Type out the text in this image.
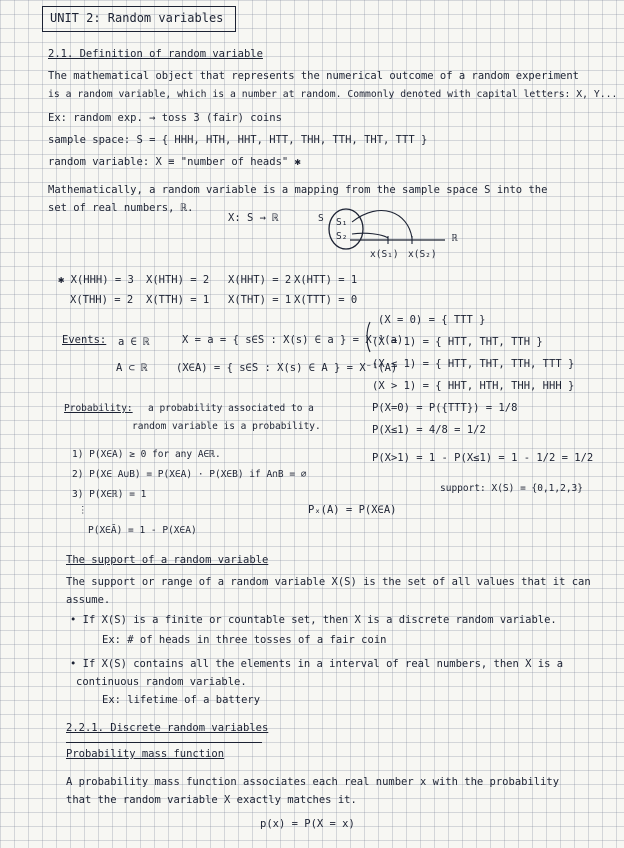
UNIT 2: Random variables
2.1. Definition of random variable
The mathematical object that represents the numerical outcome of a random experiment
is a random variable, which is a number at random. Commonly denoted with capital letters: X, Y...
Ex: random exp. → toss 3 (fair) coins
sample space: S = { HHH, HTH, HHT, HTT, THH, TTH, THT, TTT }
random variable: X ≡ "number of heads" ✱
Mathematically, a random variable is a mapping from the sample space S into the
set of real numbers, ℝ.
X: S → ℝ	S S₁
S₂	ℝ
x(S₁) x(S₂)
✱ X(HHH) = 3 X(HTH) = 2 X(HHT) = 2 X(HTT) = 1
X(THH) = 2 X(TTH) = 1 X(THT) = 1 X(TTT) = 0
Events: a ∈ ℝ	X = a = { s∈S : X(s) ∈ a } = X⁻¹(a)
A ⊂ ℝ	(X∈A) = { s∈S : X(s) ∈ A } = X⁻¹(A)
(X = 0) = { TTT }
(X = 1) = { HTT, THT, TTH }
(X ≤ 1) = { HTT, THT, TTH, TTT }
(X > 1) = { HHT, HTH, THH, HHH }
P(X=0) = P({TTT}) = 1/8
P(X≤1) = 4/8 = 1/2
P(X>1) = 1 - P(X≤1) = 1 - 1/2 = 1/2
support: X(S) = {0,1,2,3}
Probability: a probability associated to a
random variable is a probability.
1) P(X∈A) ≥ 0 for any A∈ℝ.
2) P(X∈ A∪B) = P(X∈A) · P(X∈B) if A∩B = ∅
3) P(X∈ℝ) = 1
⋮
P(X∈Ā) = 1 - P(X∈A)
Pₓ(A) = P(X∈A)
The support of a random variable
The support or range of a random variable X(S) is the set of all values that it can
assume.
• If X(S) is a finite or countable set, then X is a discrete random variable.
Ex: # of heads in three tosses of a fair coin
• If X(S) contains all the elements in a interval of real numbers, then X is a
continuous random variable.
Ex: lifetime of a battery
2.2.1. Discrete random variables
Probability mass function
A probability mass function associates each real number x with the probability
that the random variable X exactly matches it.
p(x) = P(X = x)
